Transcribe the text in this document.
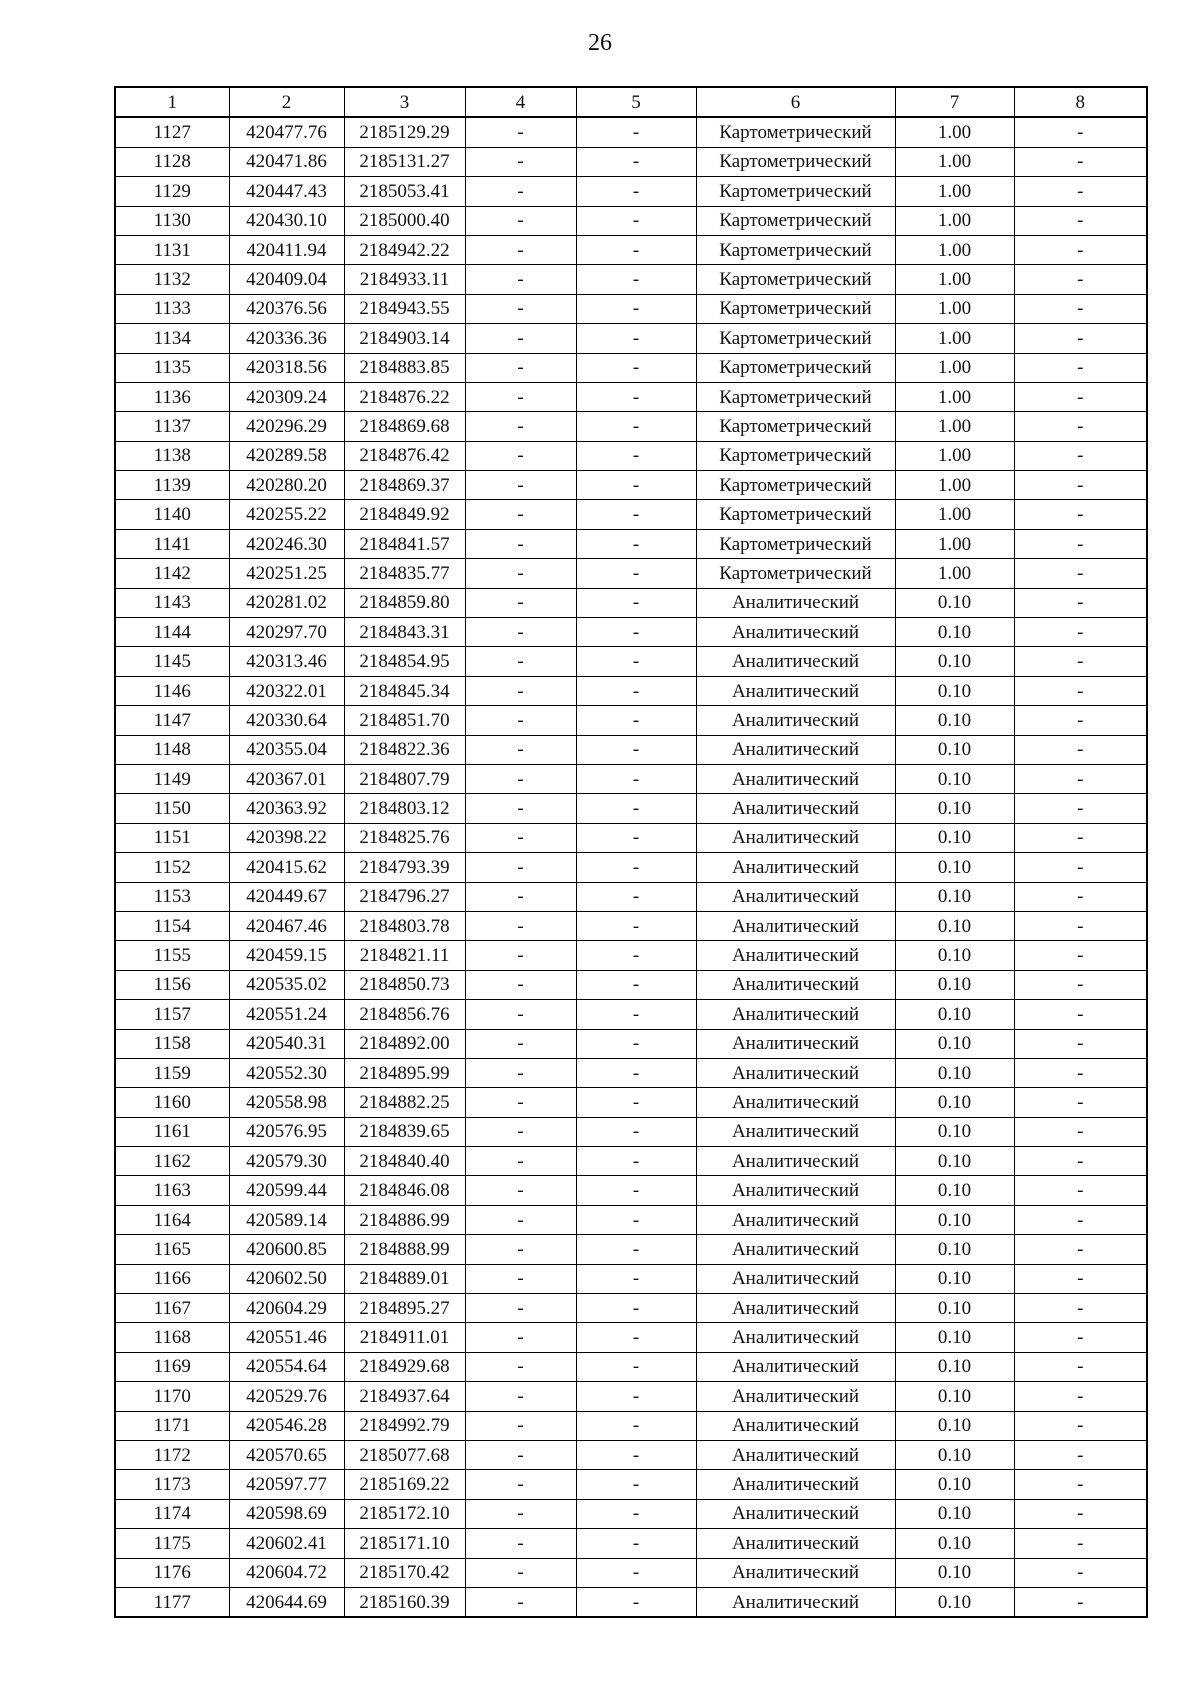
26
1	2	3	4	5	6	7	8
1127	420477.76	2185129.29	-	-	Картометрический	1.00	-
1128	420471.86	2185131.27	-	-	Картометрический	1.00	-
1129	420447.43	2185053.41	-	-	Картометрический	1.00	-
1130	420430.10	2185000.40	-	-	Картометрический	1.00	-
1131	420411.94	2184942.22	-	-	Картометрический	1.00	-
1132	420409.04	2184933.11	-	-	Картометрический	1.00	-
1133	420376.56	2184943.55	-	-	Картометрический	1.00	-
1134	420336.36	2184903.14	-	-	Картометрический	1.00	-
1135	420318.56	2184883.85	-	-	Картометрический	1.00	-
1136	420309.24	2184876.22	-	-	Картометрический	1.00	-
1137	420296.29	2184869.68	-	-	Картометрический	1.00	-
1138	420289.58	2184876.42	-	-	Картометрический	1.00	-
1139	420280.20	2184869.37	-	-	Картометрический	1.00	-
1140	420255.22	2184849.92	-	-	Картометрический	1.00	-
1141	420246.30	2184841.57	-	-	Картометрический	1.00	-
1142	420251.25	2184835.77	-	-	Картометрический	1.00	-
1143	420281.02	2184859.80	-	-	Аналитический	0.10	-
1144	420297.70	2184843.31	-	-	Аналитический	0.10	-
1145	420313.46	2184854.95	-	-	Аналитический	0.10	-
1146	420322.01	2184845.34	-	-	Аналитический	0.10	-
1147	420330.64	2184851.70	-	-	Аналитический	0.10	-
1148	420355.04	2184822.36	-	-	Аналитический	0.10	-
1149	420367.01	2184807.79	-	-	Аналитический	0.10	-
1150	420363.92	2184803.12	-	-	Аналитический	0.10	-
1151	420398.22	2184825.76	-	-	Аналитический	0.10	-
1152	420415.62	2184793.39	-	-	Аналитический	0.10	-
1153	420449.67	2184796.27	-	-	Аналитический	0.10	-
1154	420467.46	2184803.78	-	-	Аналитический	0.10	-
1155	420459.15	2184821.11	-	-	Аналитический	0.10	-
1156	420535.02	2184850.73	-	-	Аналитический	0.10	-
1157	420551.24	2184856.76	-	-	Аналитический	0.10	-
1158	420540.31	2184892.00	-	-	Аналитический	0.10	-
1159	420552.30	2184895.99	-	-	Аналитический	0.10	-
1160	420558.98	2184882.25	-	-	Аналитический	0.10	-
1161	420576.95	2184839.65	-	-	Аналитический	0.10	-
1162	420579.30	2184840.40	-	-	Аналитический	0.10	-
1163	420599.44	2184846.08	-	-	Аналитический	0.10	-
1164	420589.14	2184886.99	-	-	Аналитический	0.10	-
1165	420600.85	2184888.99	-	-	Аналитический	0.10	-
1166	420602.50	2184889.01	-	-	Аналитический	0.10	-
1167	420604.29	2184895.27	-	-	Аналитический	0.10	-
1168	420551.46	2184911.01	-	-	Аналитический	0.10	-
1169	420554.64	2184929.68	-	-	Аналитический	0.10	-
1170	420529.76	2184937.64	-	-	Аналитический	0.10	-
1171	420546.28	2184992.79	-	-	Аналитический	0.10	-
1172	420570.65	2185077.68	-	-	Аналитический	0.10	-
1173	420597.77	2185169.22	-	-	Аналитический	0.10	-
1174	420598.69	2185172.10	-	-	Аналитический	0.10	-
1175	420602.41	2185171.10	-	-	Аналитический	0.10	-
1176	420604.72	2185170.42	-	-	Аналитический	0.10	-
1177	420644.69	2185160.39	-	-	Аналитический	0.10	-
